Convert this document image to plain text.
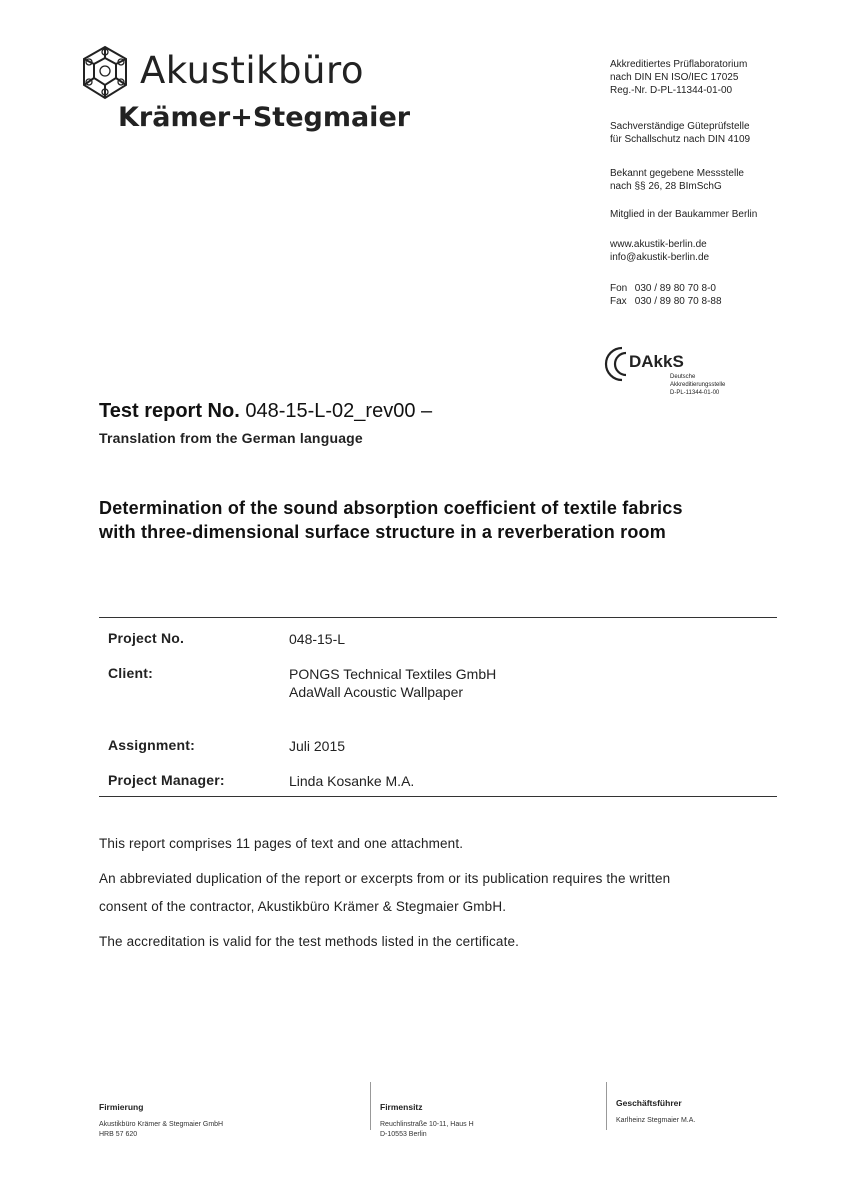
Akustikbüro
Krämer+Stegmaier
Akkreditiertes Prüflaboratorium
nach DIN EN ISO/IEC 17025
Reg.-Nr. D-PL-11344-01-00
Sachverständige Güteprüfstelle
für Schallschutz nach DIN 4109
Bekannt gegebene Messstelle
nach §§ 26, 28 BImSchG
Mitglied in der Baukammer Berlin
www.akustik-berlin.de
info@akustik-berlin.de
Fon 030 / 89 80 70 8-0
Fax 030 / 89 80 70 8-88
DAkkS
Deutsche
Akkreditierungsstelle
D-PL-11344-01-00
Test report No. 048-15-L-02_rev00 –
Translation from the German language
Determination of the sound absorption coefficient of textile fabrics
with three-dimensional surface structure in a reverberation room
Project No.	048-15-L
Client:	PONGS Technical Textiles GmbH
AdaWall Acoustic Wallpaper
Assignment:	Juli 2015
Project Manager:	Linda Kosanke M.A.
This report comprises 11 pages of text and one attachment.
An abbreviated duplication of the report or excerpts from or its publication requires the written
consent of the contractor, Akustikbüro Krämer & Stegmaier GmbH.
The accreditation is valid for the test methods listed in the certificate.
Firmierung
Akustikbüro Krämer & Stegmaier GmbH
HRB 57 620
Firmensitz
Reuchlinstraße 10-11, Haus H
D-10553 Berlin
Geschäftsführer
Karlheinz Stegmaier M.A.
